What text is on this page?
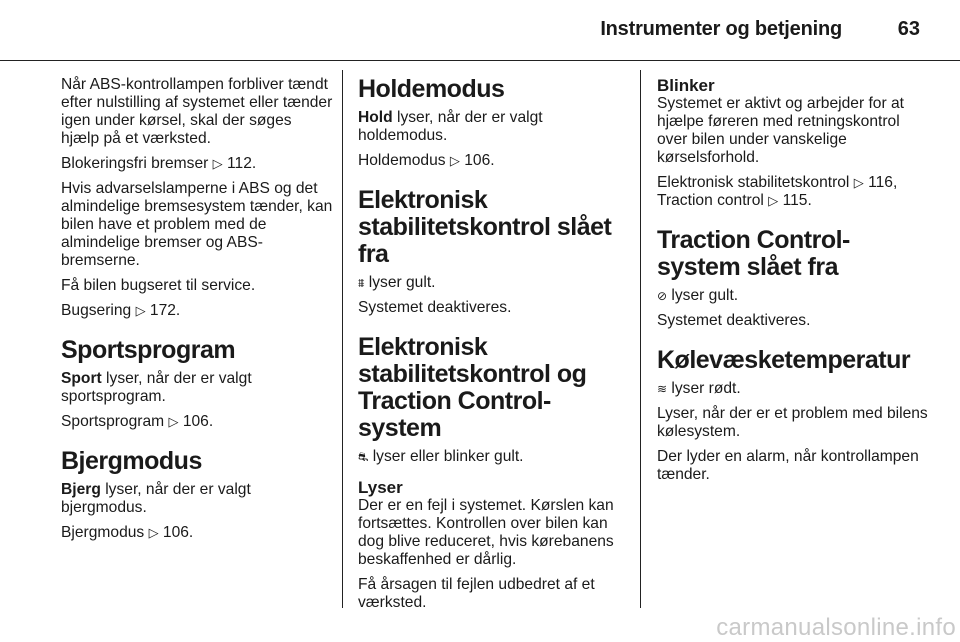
Instrumenter og betjening	63
Når ABS-kontrollampen forbliver tændt efter nulstilling af systemet eller tænder igen under kørsel, skal der søges hjælp på et værksted.
Blokeringsfri bremser ▷ 112.
Hvis advarselslamperne i ABS og det almindelige bremsesystem tænder, kan bilen have et problem med de almindelige bremser og ABS-bremserne.
Få bilen bugseret til service.
Bugsering ▷ 172.
Sportsprogram
Sport lyser, når der er valgt sportsprogram.
Sportsprogram ▷ 106.
Bjergmodus
Bjerg lyser, når der er valgt bjergmodus.
Bjergmodus ▷ 106.
Holdemodus
Hold lyser, når der er valgt holdemodus.
Holdemodus ▷ 106.
Elektronisk stabilitetskontrol slået fra
⩩ lyser gult.
Systemet deaktiveres.
Elektronisk stabilitetskontrol og Traction Control-system
⛐ lyser eller blinker gult.
Lyser
Der er en fejl i systemet. Kørslen kan fortsættes. Kontrollen over bilen kan dog blive reduceret, hvis kørebanens beskaffenhed er dårlig.
Få årsagen til fejlen udbedret af et værksted.
Blinker
Systemet er aktivt og arbejder for at hjælpe føreren med retningskontrol over bilen under vanskelige kørselsforhold.
Elektronisk stabilitetskontrol ▷ 116,
Traction control ▷ 115.
Traction Control-system slået fra
⊘ lyser gult.
Systemet deaktiveres.
Kølevæsketemperatur
≋ lyser rødt.
Lyser, når der er et problem med bilens kølesystem.
Der lyder en alarm, når kontrollampen tænder.
carmanualsonline.info
